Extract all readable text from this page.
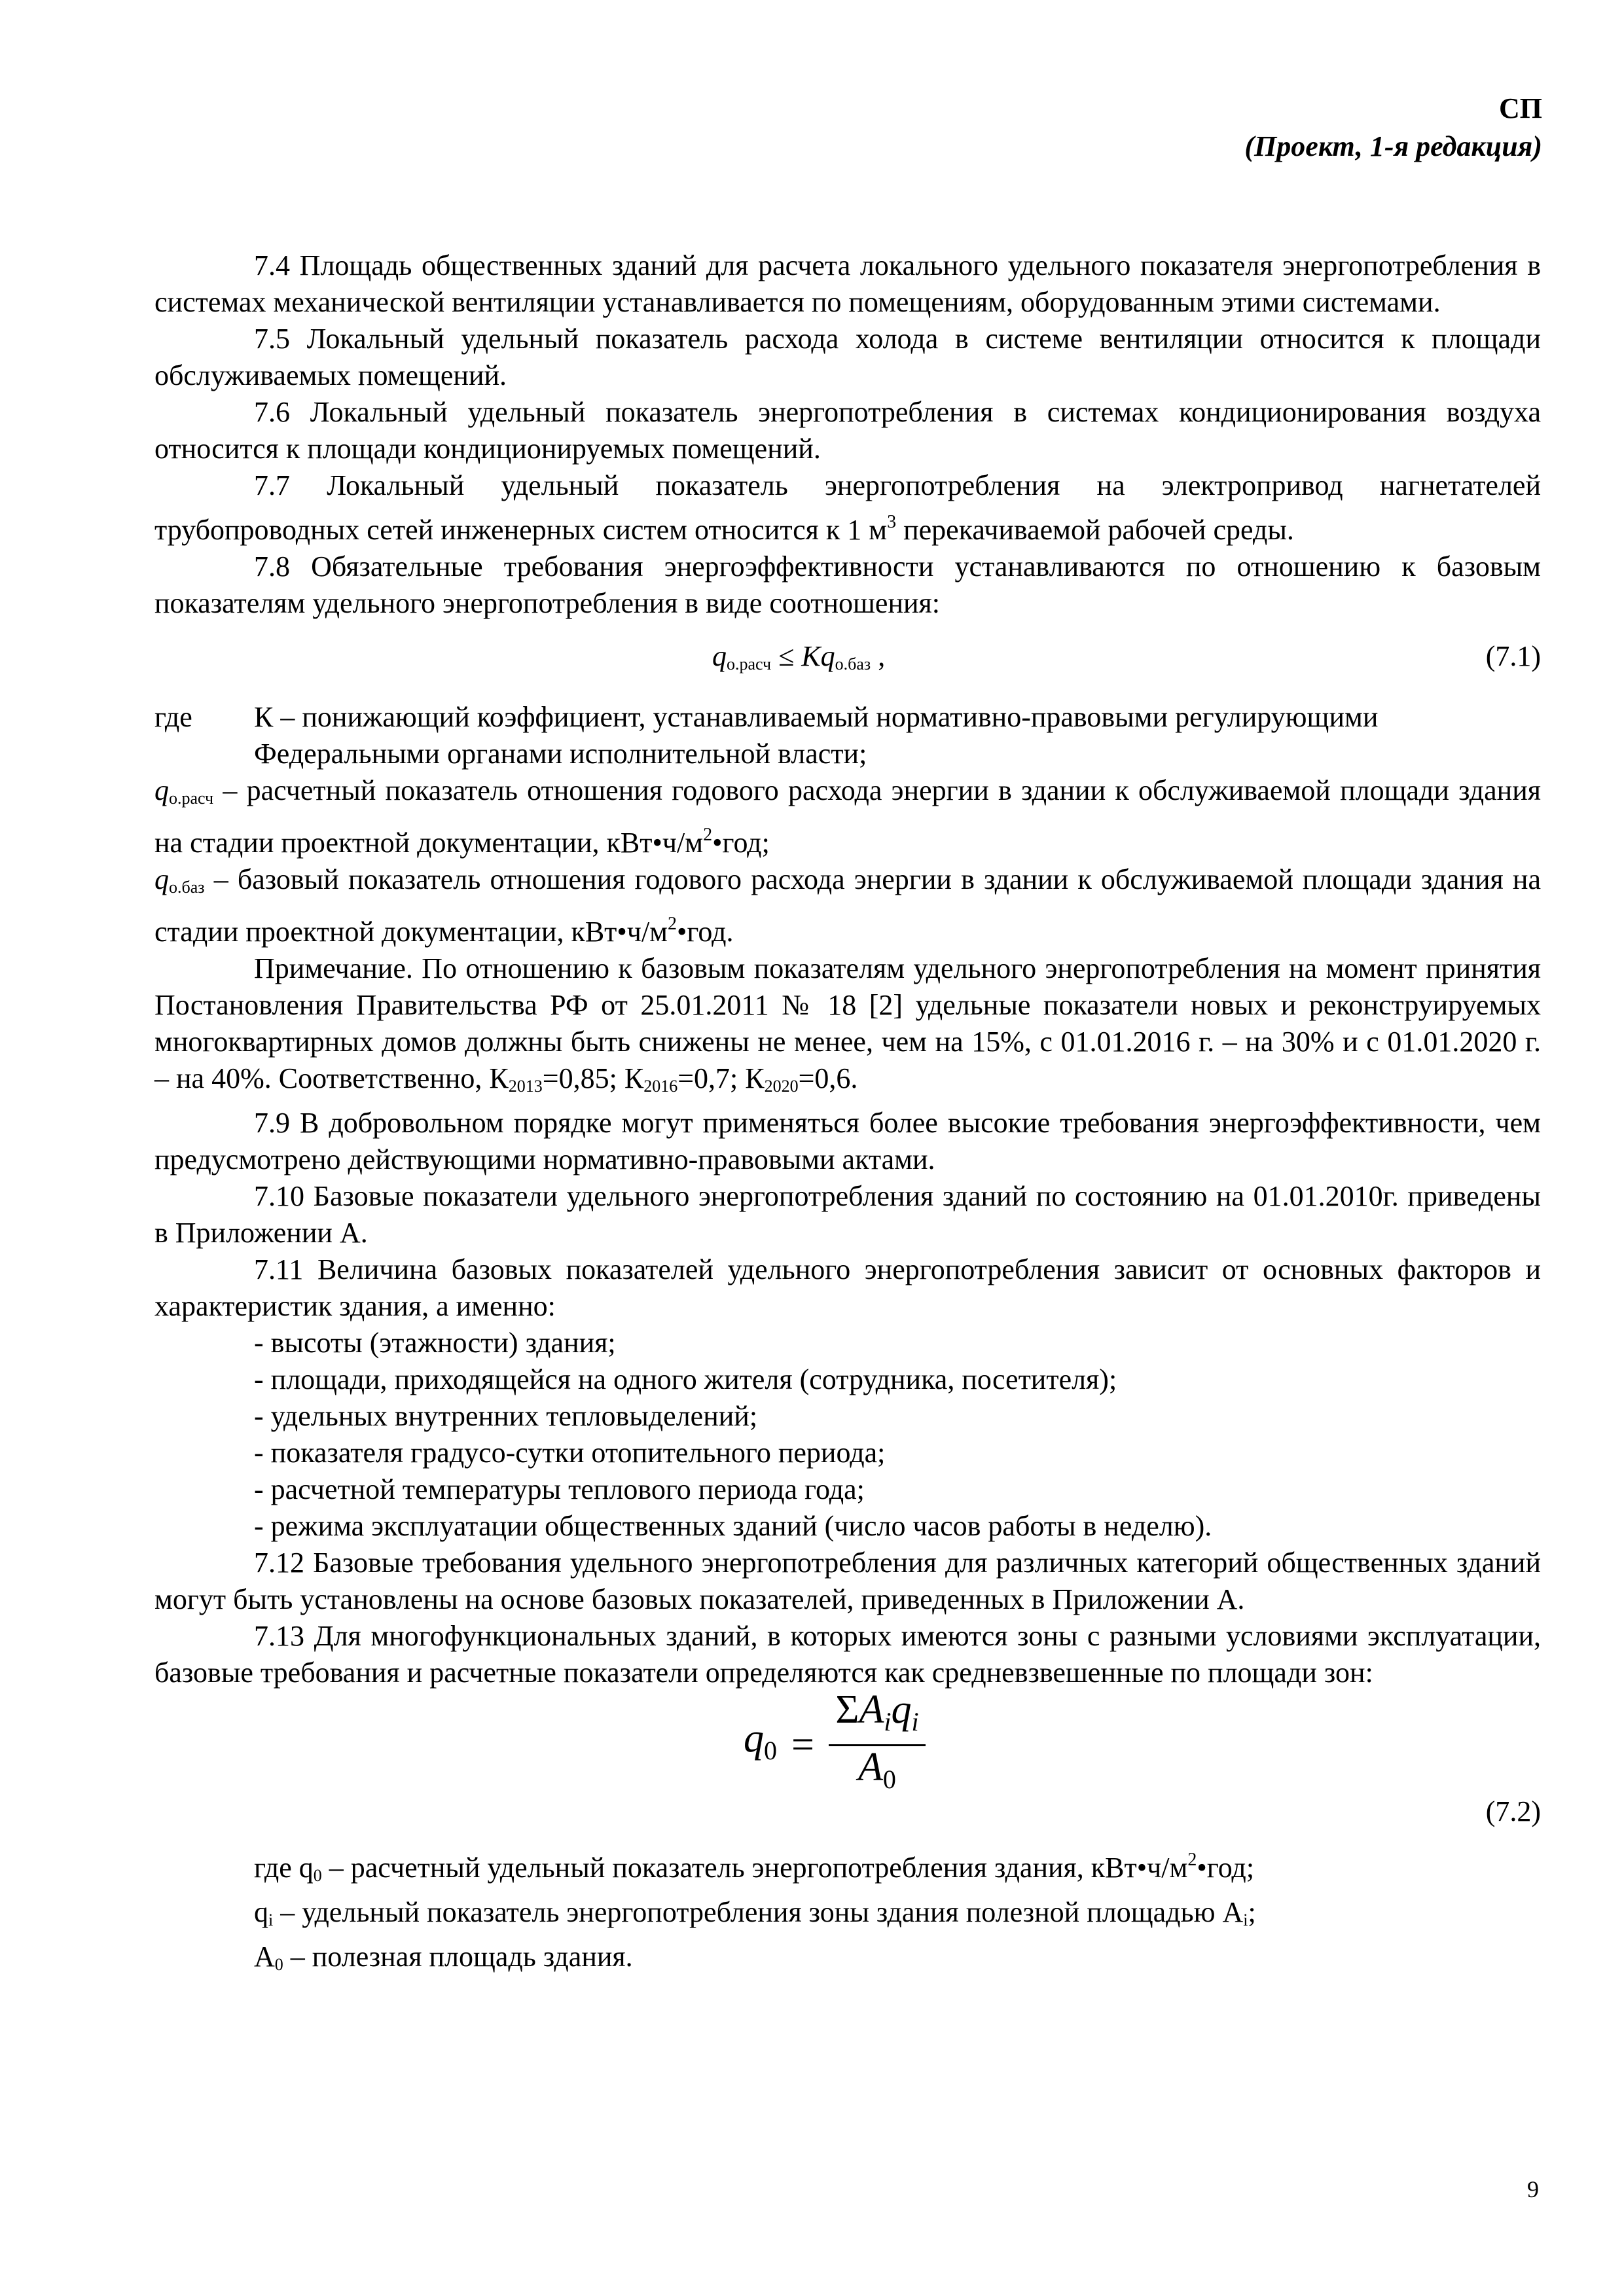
СП
(Проект, 1-я редакция)

7.4 Площадь общественных зданий для расчета локального удельного показателя энергопотребления в системах механической вентиляции устанавливается по помещениям, оборудованным этими системами.

7.5 Локальный удельный показатель расхода холода в системе вентиляции относится к площади обслуживаемых помещений.

7.6 Локальный удельный показатель энергопотребления в системах кондиционирования воздуха относится к площади кондиционируемых помещений.

7.7 Локальный удельный показатель энергопотребления на электропривод нагнетателей трубопроводных сетей инженерных систем относится к 1 $м^3$ перекачиваемой рабочей среды.

7.8 Обязательные требования энергоэффективности устанавливаются по отношению к базовым показателям удельного энергопотребления в виде соотношения:

$q_{о.расч} \le Kq_{о.баз}$ ,	(7.1)
где	К – понижающий коэффициент, устанавливаемый нормативно-правовыми регулирующими Федеральными органами исполнительной власти;

$q_{о.расч}$ – расчетный показатель отношения годового расхода энергии в здании к обслуживаемой площади здания на стадии проектной документации, $кВт•ч/м^2•год$;

$q_{о.баз}$ – базовый показатель отношения годового расхода энергии в здании к обслуживаемой площади здания на стадии проектной документации, $кВт•ч/м^2•год$.

Примечание. По отношению к базовым показателям удельного энергопотребления на момент принятия Постановления Правительства РФ от 25.01.2011 № 18 [2] удельные показатели новых и реконструируемых многоквартирных домов должны быть снижены не менее, чем на 15%, с 01.01.2016 г. – на 30% и с 01.01.2020 г. – на 40%. Соответственно, $К_{2013}=0,85$; $К_{2016}=0,7$; $К_{2020}=0,6$.

7.9 В добровольном порядке могут применяться более высокие требования энергоэффективности, чем предусмотрено действующими нормативно-правовыми актами.

7.10 Базовые показатели удельного энергопотребления зданий по состоянию на 01.01.2010г. приведены в Приложении А.

7.11 Величина базовых показателей удельного энергопотребления зависит от основных факторов и характеристик здания, а именно:

- высоты (этажности) здания;

- площади, приходящейся на одного жителя (сотрудника, посетителя);

- удельных внутренних тепловыделений;

- показателя градусо-сутки отопительного периода;

- расчетной температуры теплового периода года;

- режима эксплуатации общественных зданий (число часов работы в неделю).

7.12 Базовые требования удельного энергопотребления для различных категорий общественных зданий могут быть установлены на основе базовых показателей, приведенных в Приложении А.

7.13 Для многофункциональных зданий, в которых имеются зоны с разными условиями эксплуатации, базовые требования и расчетные показатели определяются как средневзвешенные по площади зон:

$q_0 = \frac{\Sigma A_iq_i}{A_0}$
(7.2)

где $q_0$ – расчетный удельный показатель энергопотребления здания, $кВт•ч/м^2•год$;

$q_i$ – удельный показатель энергопотребления зоны здания полезной площадью $A_i$;

$A_0$ – полезная площадь здания.

9
